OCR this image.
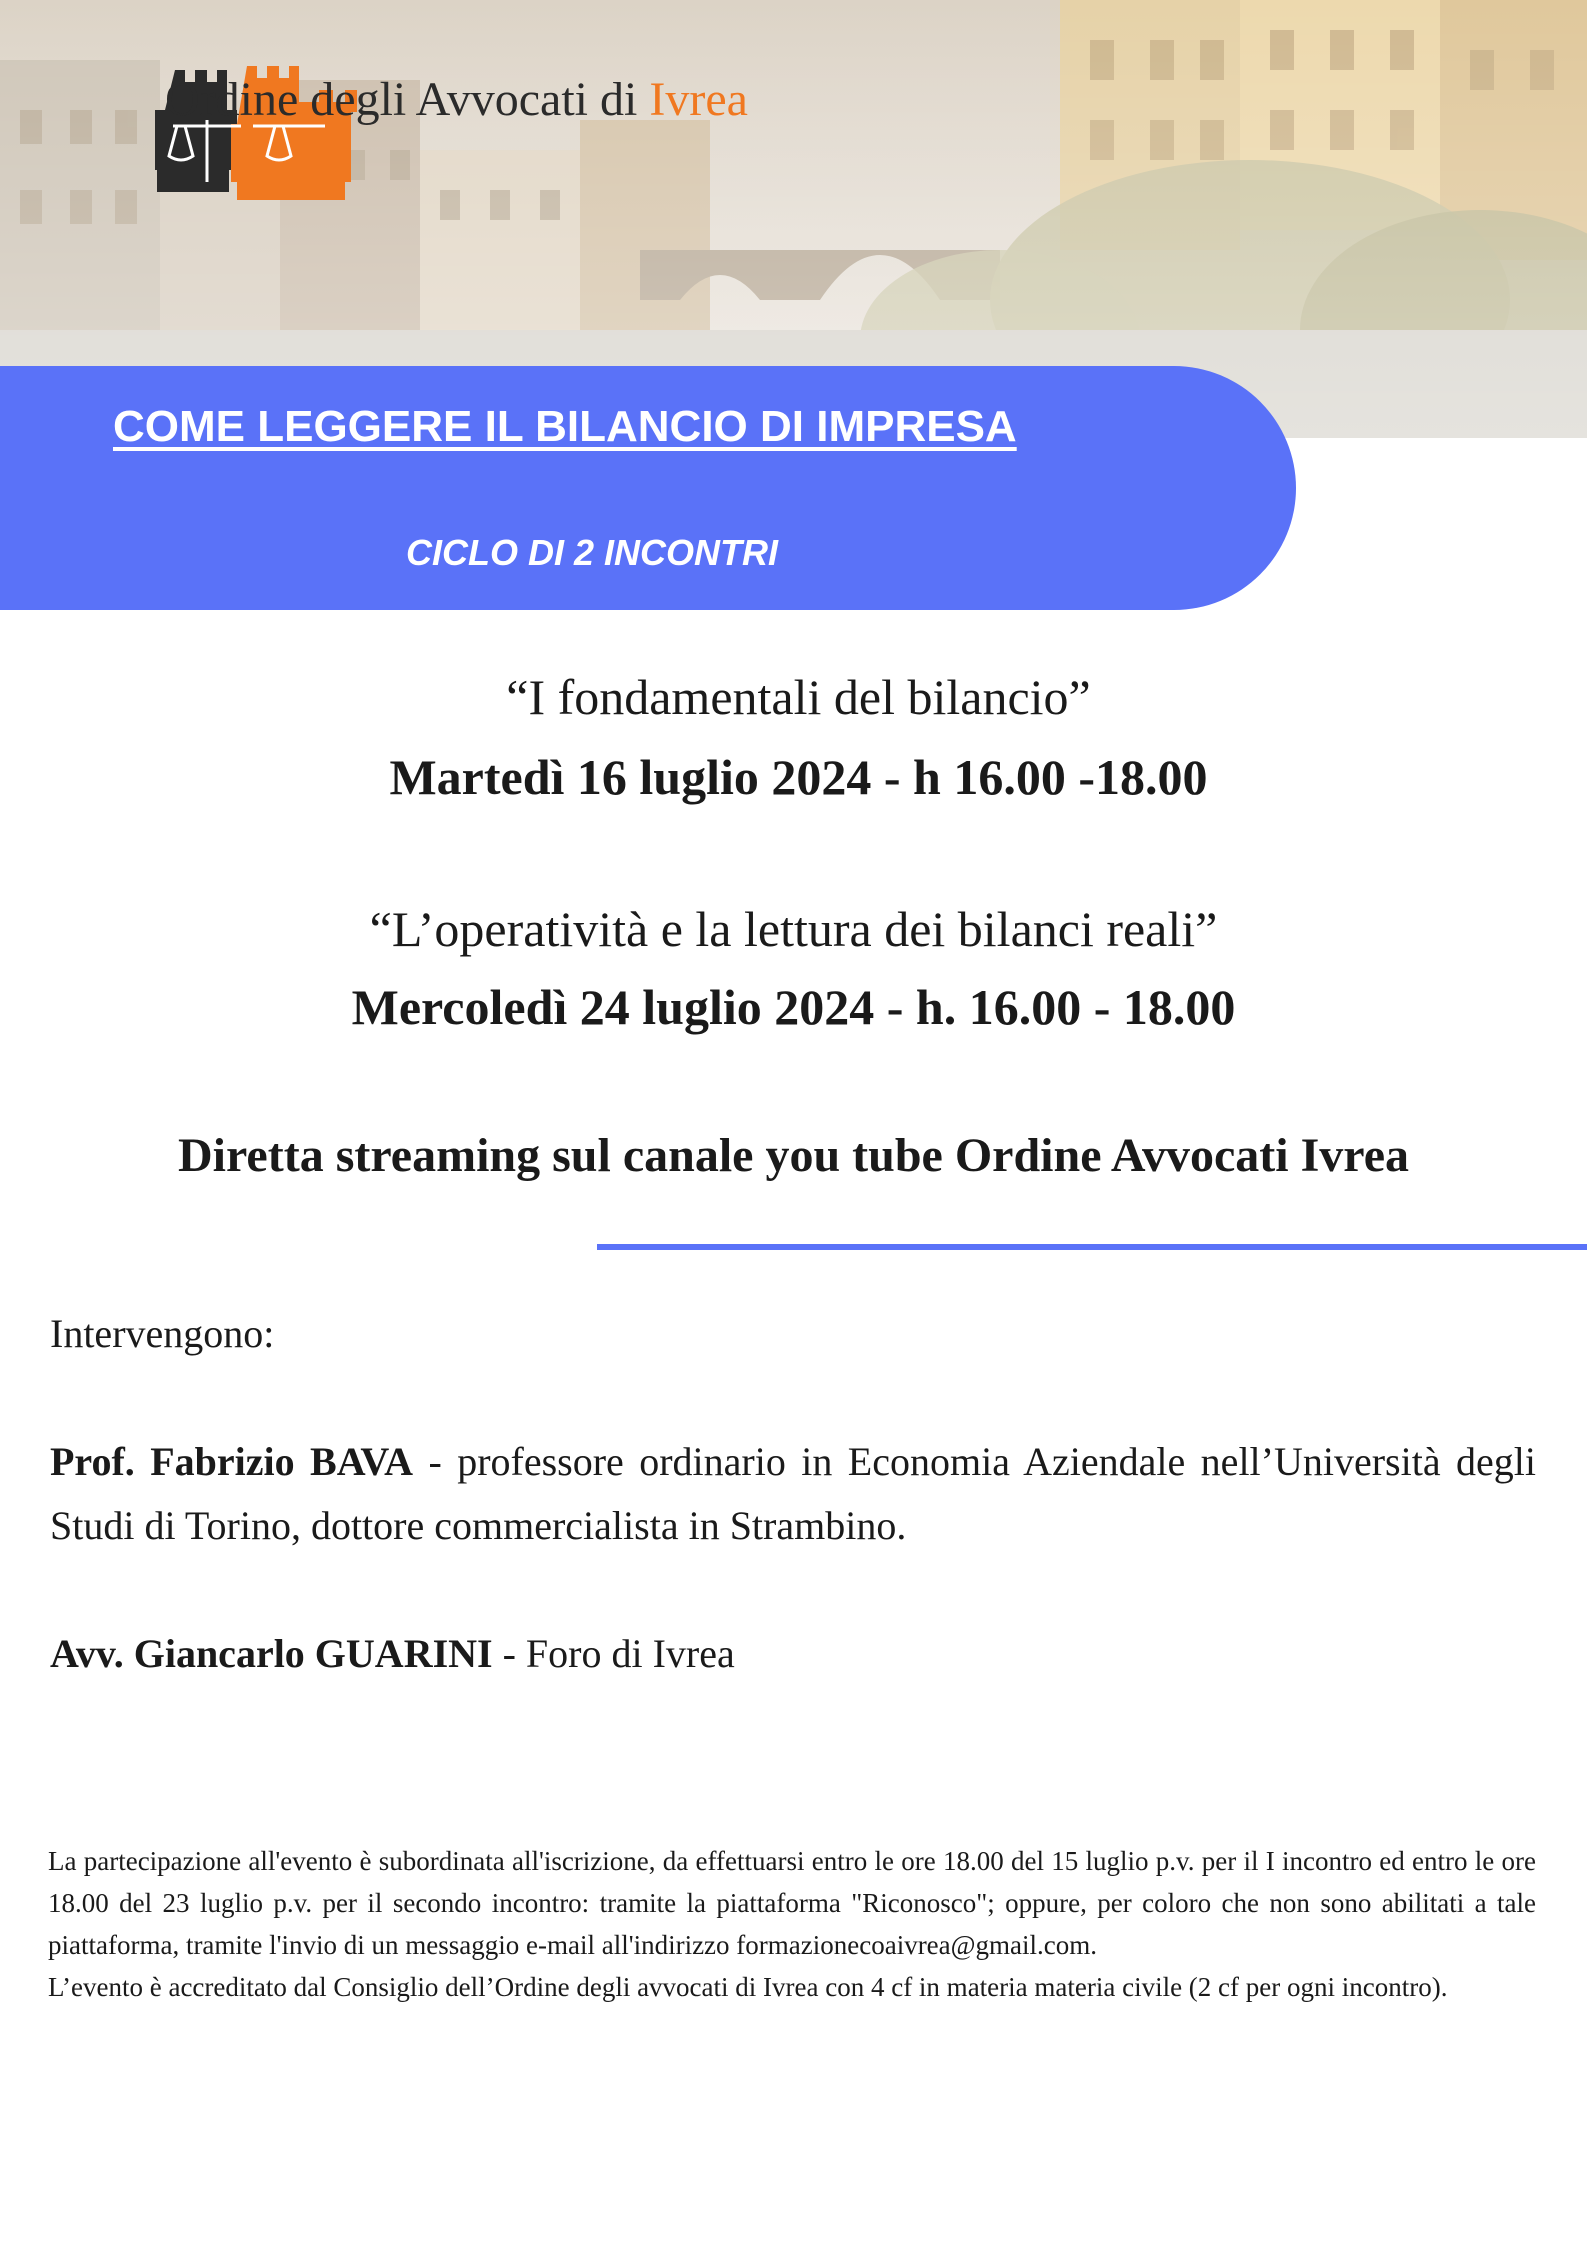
Ordine degli Avvocati di Ivrea
COME LEGGERE IL BILANCIO DI IMPRESA
CICLO DI 2 INCONTRI
“I fondamentali del bilancio”
Martedì 16 luglio 2024 - h 16.00 -18.00
“L’operatività e la lettura dei bilanci reali”
Mercoledì 24 luglio 2024 - h. 16.00 - 18.00
Diretta streaming sul canale you tube Ordine Avvocati Ivrea
Intervengono:
Prof. Fabrizio BAVA - professore ordinario in Economia Aziendale nell’Università degli Studi di Torino, dottore commercialista in Strambino.
Avv. Giancarlo GUARINI - Foro di Ivrea

La partecipazione all'evento è subordinata all'iscrizione, da effettuarsi entro le ore 18.00 del 15 luglio p.v. per il I incontro ed entro le ore 18.00 del 23 luglio p.v. per il secondo incontro: tramite la piattaforma "Riconosco"; oppure, per coloro che non sono abilitati a tale piattaforma, tramite l'invio di un messaggio e-mail all'indirizzo formazionecoaivrea@gmail.com.

L’evento è accreditato dal Consiglio dell’Ordine degli avvocati di Ivrea con 4 cf in materia materia civile (2 cf per ogni incontro).
